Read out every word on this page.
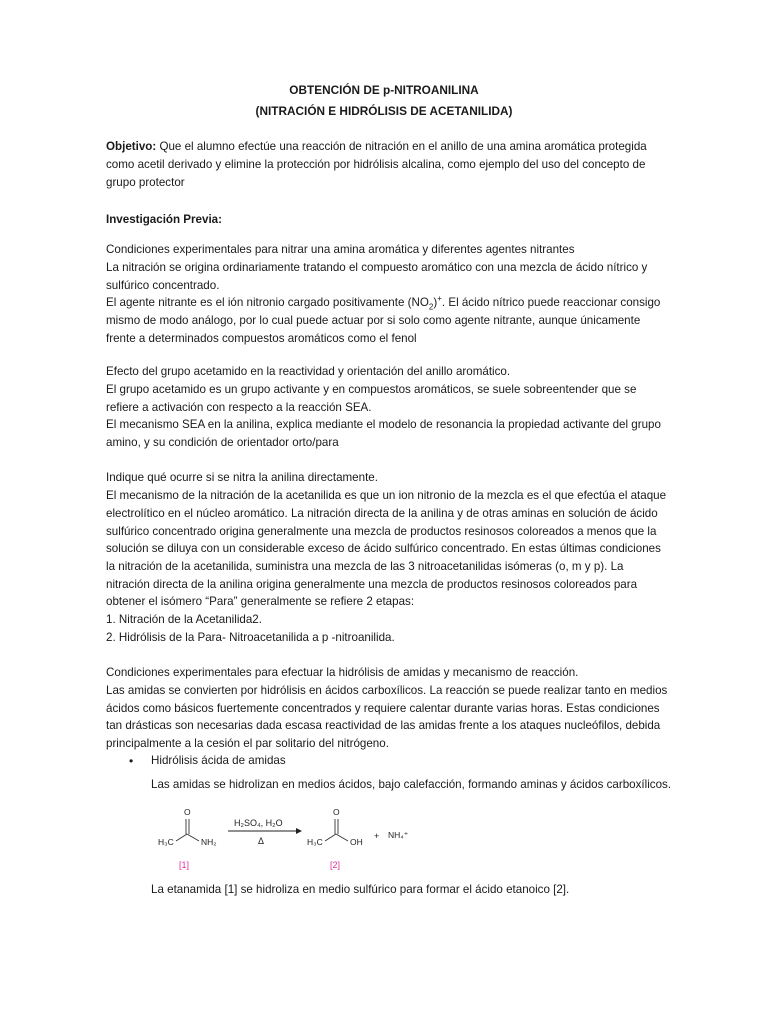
OBTENCIÓN DE p-NITROANILINA
(NITRACIÓN E HIDRÓLISIS DE ACETANILIDA)
Objetivo: Que el alumno efectúe una reacción de nitración en el anillo de una amina aromática protegida
como acetil derivado y elimine la protección por hidrólisis alcalina, como ejemplo del uso del concepto de
grupo protector
Investigación Previa:
Condiciones experimentales para nitrar una amina aromática y diferentes agentes nitrantes
La nitración se origina ordinariamente tratando el compuesto aromático con una mezcla de ácido nítrico y
sulfúrico concentrado.
El agente nitrante es el ión nitronio cargado positivamente $(NO_2)^+$. El ácido nítrico puede reaccionar consigo
mismo de modo análogo, por lo cual puede actuar por si solo como agente nitrante, aunque únicamente
frente a determinados compuestos aromáticos como el fenol
Efecto del grupo acetamido en la reactividad y orientación del anillo aromático.
El grupo acetamido es un grupo activante y en compuestos aromáticos, se suele sobreentender que se
refiere a activación con respecto a la reacción SEA.
El mecanismo SEA en la anilina, explica mediante el modelo de resonancia la propiedad activante del grupo
amino, y su condición de orientador orto/para
Indique qué ocurre si se nitra la anilina directamente.
El mecanismo de la nitración de la acetanilida es que un ion nitronio de la mezcla es el que efectúa el ataque
electrolítico en el núcleo aromático. La nitración directa de la anilina y de otras aminas en solución de ácido
sulfúrico concentrado origina generalmente una mezcla de productos resinosos coloreados a menos que la
solución se diluya con un considerable exceso de ácido sulfúrico concentrado. En estas últimas condiciones
la nitración de la acetanilida, suministra una mezcla de las 3 nitroacetanilidas isómeras (o, m y p). La
nitración directa de la anilina origina generalmente una mezcla de productos resinosos coloreados para
obtener el isómero “Para” generalmente se refiere 2 etapas:
1. Nitración de la Acetanilida2.
2. Hidrólisis de la Para- Nitroacetanilida a p -nitroanilida.
Condiciones experimentales para efectuar la hidrólisis de amidas y mecanismo de reacción.
Las amidas se convierten por hidrólisis en ácidos carboxílicos. La reacción se puede realizar tanto en medios
ácidos como básicos fuertemente concentrados y requiere calentar durante varias horas. Estas condiciones
tan drásticas son necesarias dada escasa reactividad de las amidas frente a los ataques nucleófilos, debida
principalmente a la cesión el par solitario del nitrógeno.
• Hidrólisis ácida de amidas
Las amidas se hidrolizan en medios ácidos, bajo calefacción, formando aminas y ácidos carboxílicos.
O
H₃C	NH₂
[1]
H₂SO₄, H₂O
Δ
O
H₃C	OH
[2]
+ NH₄⁺
La etanamida [1] se hidroliza en medio sulfúrico para formar el ácido etanoico [2].
